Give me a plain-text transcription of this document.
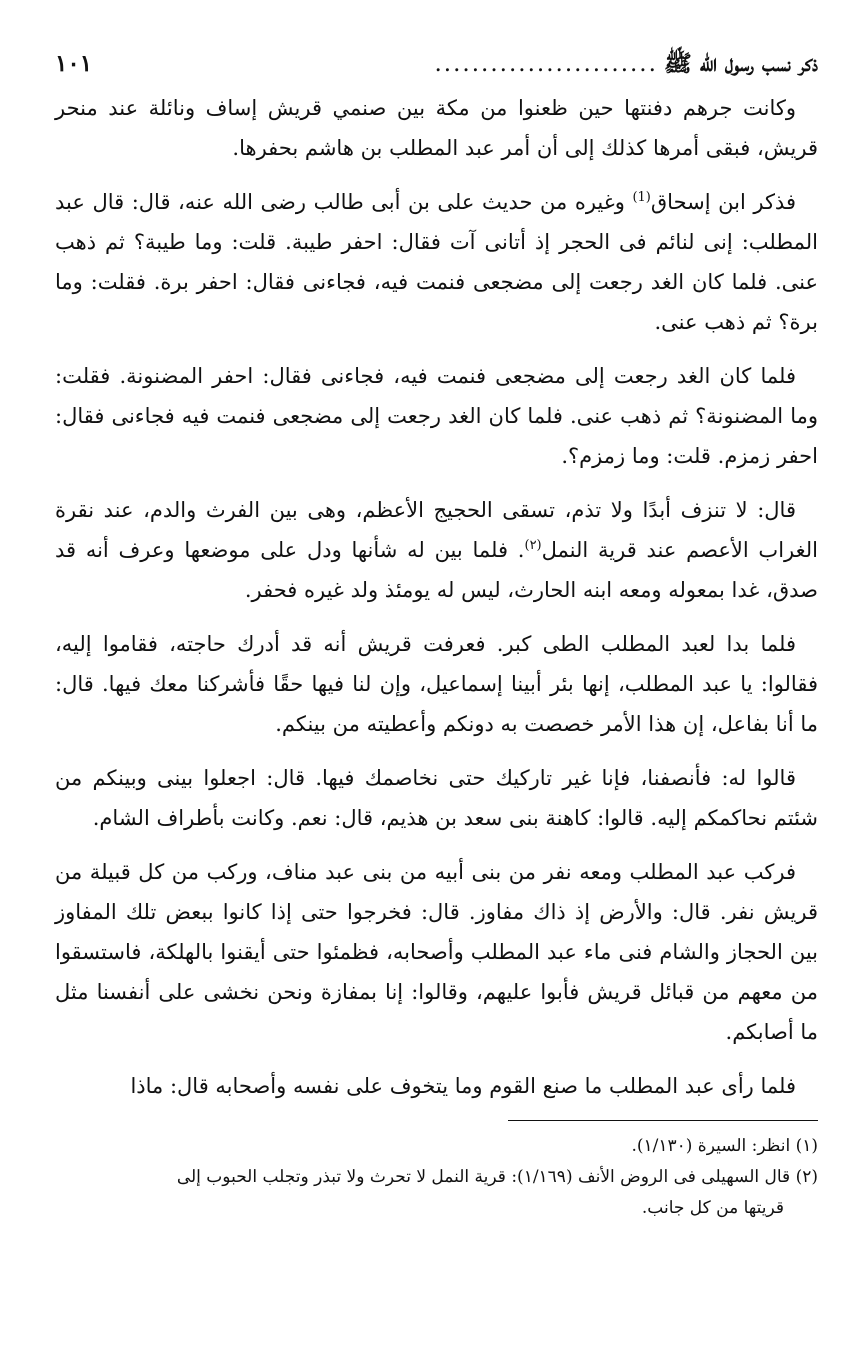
ذكر نسب رسول الله ﷺ
........................
١٠١

وكانت جرهم دفنتها حين ظعنوا من مكة بين صنمي قريش إساف ونائلة عند منحر قريش، فبقى أمرها كذلك إلى أن أمر عبد المطلب بن هاشم بحفرها.

فذكر ابن إسحاق$^{(1)}$ وغيره من حديث على بن أبى طالب رضى الله عنه، قال: قال عبد المطلب: إنى لنائم فى الحجر إذ أتانى آت فقال: احفر طيبة. قلت: وما طيبة؟ ثم ذهب عنى. فلما كان الغد رجعت إلى مضجعى فنمت فيه، فجاءنى فقال: احفر برة. فقلت: وما برة؟ ثم ذهب عنى.

فلما كان الغد رجعت إلى مضجعى فنمت فيه، فجاءنى فقال: احفر المضنونة. فقلت: وما المضنونة؟ ثم ذهب عنى. فلما كان الغد رجعت إلى مضجعى فنمت فيه فجاءنى فقال: احفر زمزم. قلت: وما زمزم؟.

قال: لا تنزف أبدًا ولا تذم، تسقى الحجيج الأعظم، وهى بين الفرث والدم، عند نقرة الغراب الأعصم عند قرية النمل$^{(٢)}$. فلما بين له شأنها ودل على موضعها وعرف أنه قد صدق، غدا بمعوله ومعه ابنه الحارث، ليس له يومئذ ولد غيره فحفر.

فلما بدا لعبد المطلب الطى كبر. فعرفت قريش أنه قد أدرك حاجته، فقاموا إليه، فقالوا: يا عبد المطلب، إنها بئر أبينا إسماعيل، وإن لنا فيها حقًا فأشركنا معك فيها. قال: ما أنا بفاعل، إن هذا الأمر خصصت به دونكم وأعطيته من بينكم.

قالوا له: فأنصفنا، فإنا غير تاركيك حتى نخاصمك فيها. قال: اجعلوا بينى وبينكم من شئتم نحاكمكم إليه. قالوا: كاهنة بنى سعد بن هذيم، قال: نعم. وكانت بأطراف الشام.

فركب عبد المطلب ومعه نفر من بنى أبيه من بنى عبد مناف، وركب من كل قبيلة من قريش نفر. قال: والأرض إذ ذاك مفاوز. قال: فخرجوا حتى إذا كانوا ببعض تلك المفاوز بين الحجاز والشام فنى ماء عبد المطلب وأصحابه، فظمئوا حتى أيقنوا بالهلكة، فاستسقوا من معهم من قبائل قريش فأبوا عليهم، وقالوا: إنا بمفازة ونحن نخشى على أنفسنا مثل ما أصابكم.

فلما رأى عبد المطلب ما صنع القوم وما يتخوف على نفسه وأصحابه قال: ماذا

(١) انظر: السيرة (١/١٣٠).

(٢) قال السهيلى فى الروض الأنف (١/١٦٩): قرية النمل لا تحرث ولا تبذر وتجلب الحبوب إلى
قريتها من كل جانب.
